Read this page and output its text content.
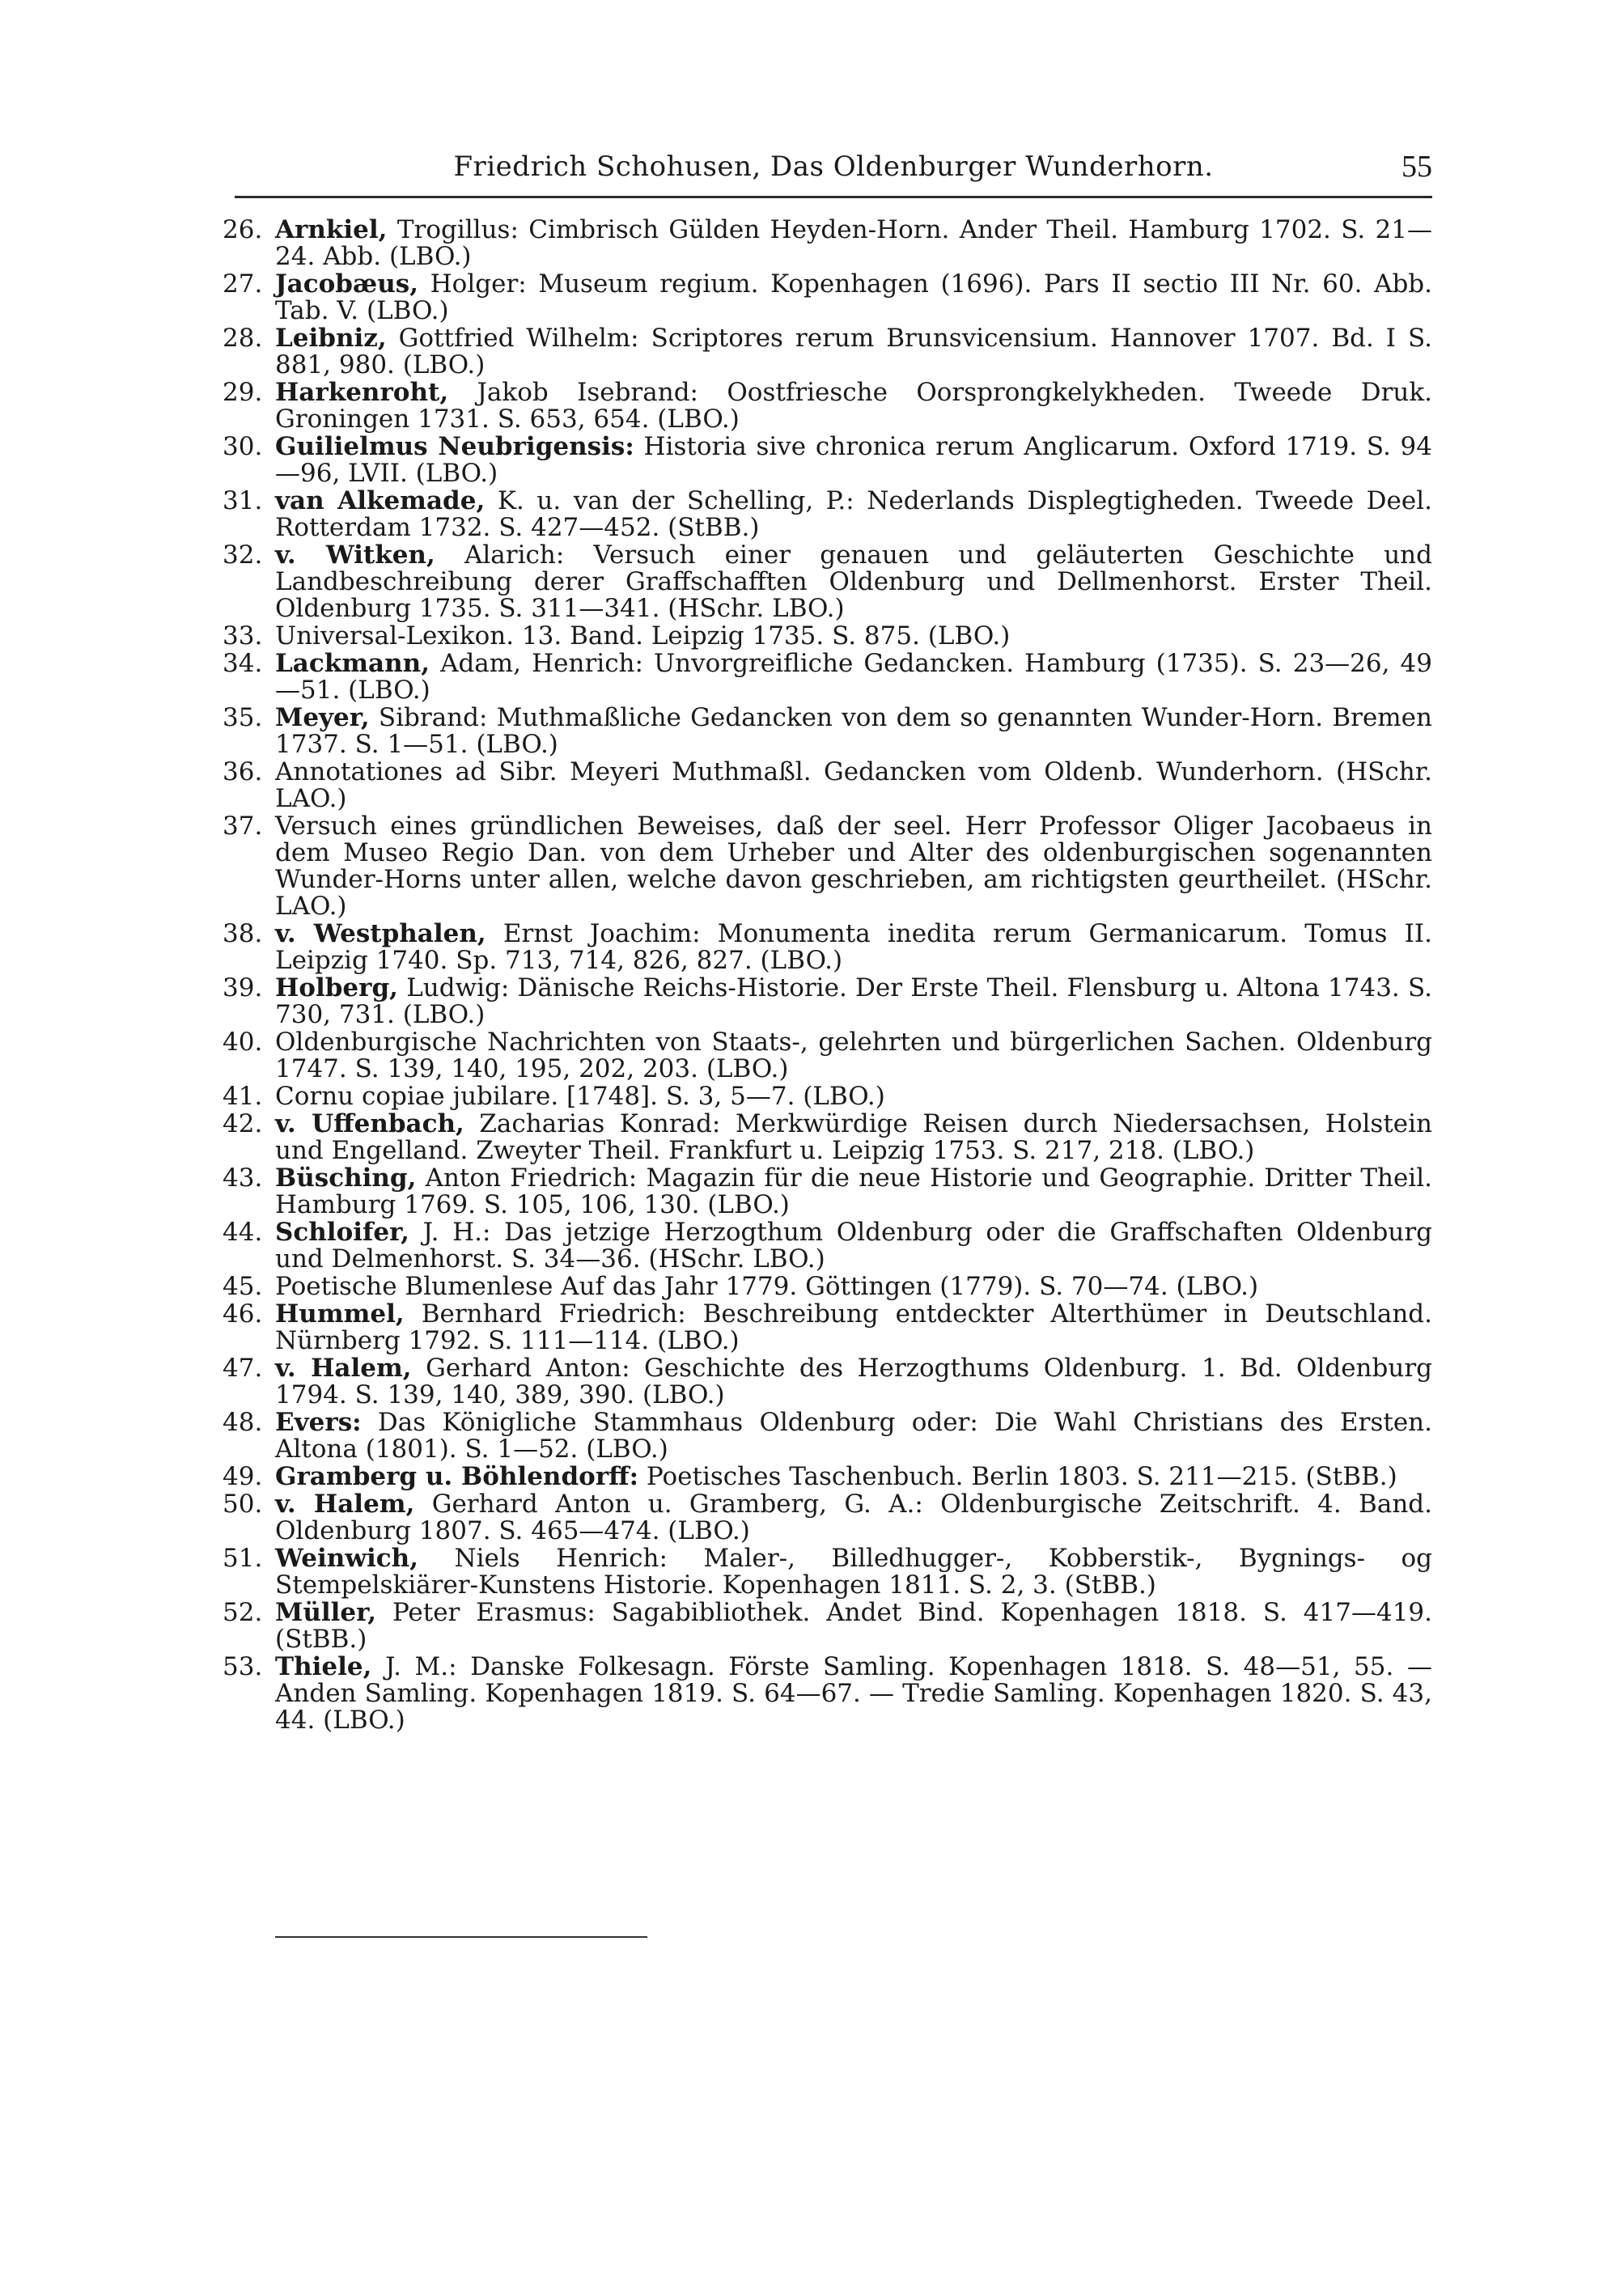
Friedrich Schohusen, Das Oldenburger Wunderhorn.	55
26. Arnkiel, Trogillus: Cimbrisch Gülden Heyden-Horn. Ander Theil. Hamburg 1702. S. 21—24. Abb. (LBO.)
27. Jacobæus, Holger: Museum regium. Kopenhagen (1696). Pars II sectio III Nr. 60. Abb. Tab. V. (LBO.)
28. Leibniz, Gottfried Wilhelm: Scriptores rerum Brunsvicensium. Hannover 1707. Bd. I S. 881, 980. (LBO.)
29. Harkenroht, Jakob Isebrand: Oostfriesche Oorsprongkelykheden. Tweede Druk. Groningen 1731. S. 653, 654. (LBO.)
30. Guilielmus Neubrigensis: Historia sive chronica rerum Anglicarum. Oxford 1719. S. 94—96, LVII. (LBO.)
31. van Alkemade, K. u. van der Schelling, P.: Nederlands Displegtigheden. Tweede Deel. Rotterdam 1732. S. 427—452. (StBB.)
32. v. Witken, Alarich: Versuch einer genauen und geläuterten Geschichte und Landbeschreibung derer Graffschafften Oldenburg und Dellmenhorst. Erster Theil. Oldenburg 1735. S. 311—341. (HSchr. LBO.)
33. Universal-Lexikon. 13. Band. Leipzig 1735. S. 875. (LBO.)
34. Lackmann, Adam, Henrich: Unvorgreifliche Gedancken. Hamburg (1735). S. 23—26, 49—51. (LBO.)
35. Meyer, Sibrand: Muthmaßliche Gedancken von dem so genannten Wunder-Horn. Bremen 1737. S. 1—51. (LBO.)
36. Annotationes ad Sibr. Meyeri Muthmaßl. Gedancken vom Oldenb. Wunderhorn. (HSchr. LAO.)
37. Versuch eines gründlichen Beweises, daß der seel. Herr Professor Oliger Jacobaeus in dem Museo Regio Dan. von dem Urheber und Alter des oldenburgischen sogenannten Wunder-Horns unter allen, welche davon geschrieben, am richtigsten geurtheilet. (HSchr. LAO.)
38. v. Westphalen, Ernst Joachim: Monumenta inedita rerum Germanicarum. Tomus II. Leipzig 1740. Sp. 713, 714, 826, 827. (LBO.)
39. Holberg, Ludwig: Dänische Reichs-Historie. Der Erste Theil. Flensburg u. Altona 1743. S. 730, 731. (LBO.)
40. Oldenburgische Nachrichten von Staats-, gelehrten und bürgerlichen Sachen. Oldenburg 1747. S. 139, 140, 195, 202, 203. (LBO.)
41. Cornu copiae jubilare. [1748]. S. 3, 5—7. (LBO.)
42. v. Uffenbach, Zacharias Konrad: Merkwürdige Reisen durch Niedersachsen, Holstein und Engelland. Zweyter Theil. Frankfurt u. Leipzig 1753. S. 217, 218. (LBO.)
43. Büsching, Anton Friedrich: Magazin für die neue Historie und Geographie. Dritter Theil. Hamburg 1769. S. 105, 106, 130. (LBO.)
44. Schloifer, J. H.: Das jetzige Herzogthum Oldenburg oder die Graffschaften Oldenburg und Delmenhorst. S. 34—36. (HSchr. LBO.)
45. Poetische Blumenlese Auf das Jahr 1779. Göttingen (1779). S. 70—74. (LBO.)
46. Hummel, Bernhard Friedrich: Beschreibung entdeckter Alterthümer in Deutschland. Nürnberg 1792. S. 111—114. (LBO.)
47. v. Halem, Gerhard Anton: Geschichte des Herzogthums Oldenburg. 1. Bd. Oldenburg 1794. S. 139, 140, 389, 390. (LBO.)
48. Evers: Das Königliche Stammhaus Oldenburg oder: Die Wahl Christians des Ersten. Altona (1801). S. 1—52. (LBO.)
49. Gramberg u. Böhlendorff: Poetisches Taschenbuch. Berlin 1803. S. 211—215. (StBB.)
50. v. Halem, Gerhard Anton u. Gramberg, G. A.: Oldenburgische Zeitschrift. 4. Band. Oldenburg 1807. S. 465—474. (LBO.)
51. Weinwich, Niels Henrich: Maler-, Billedhugger-, Kobberstik-, Bygnings- og Stempelskiärer-Kunstens Historie. Kopenhagen 1811. S. 2, 3. (StBB.)
52. Müller, Peter Erasmus: Sagabibliothek. Andet Bind. Kopenhagen 1818. S. 417—419. (StBB.)
53. Thiele, J. M.: Danske Folkesagn. Förste Samling. Kopenhagen 1818. S. 48—51, 55. — Anden Samling. Kopenhagen 1819. S. 64—67. — Tredie Samling. Kopenhagen 1820. S. 43, 44. (LBO.)
